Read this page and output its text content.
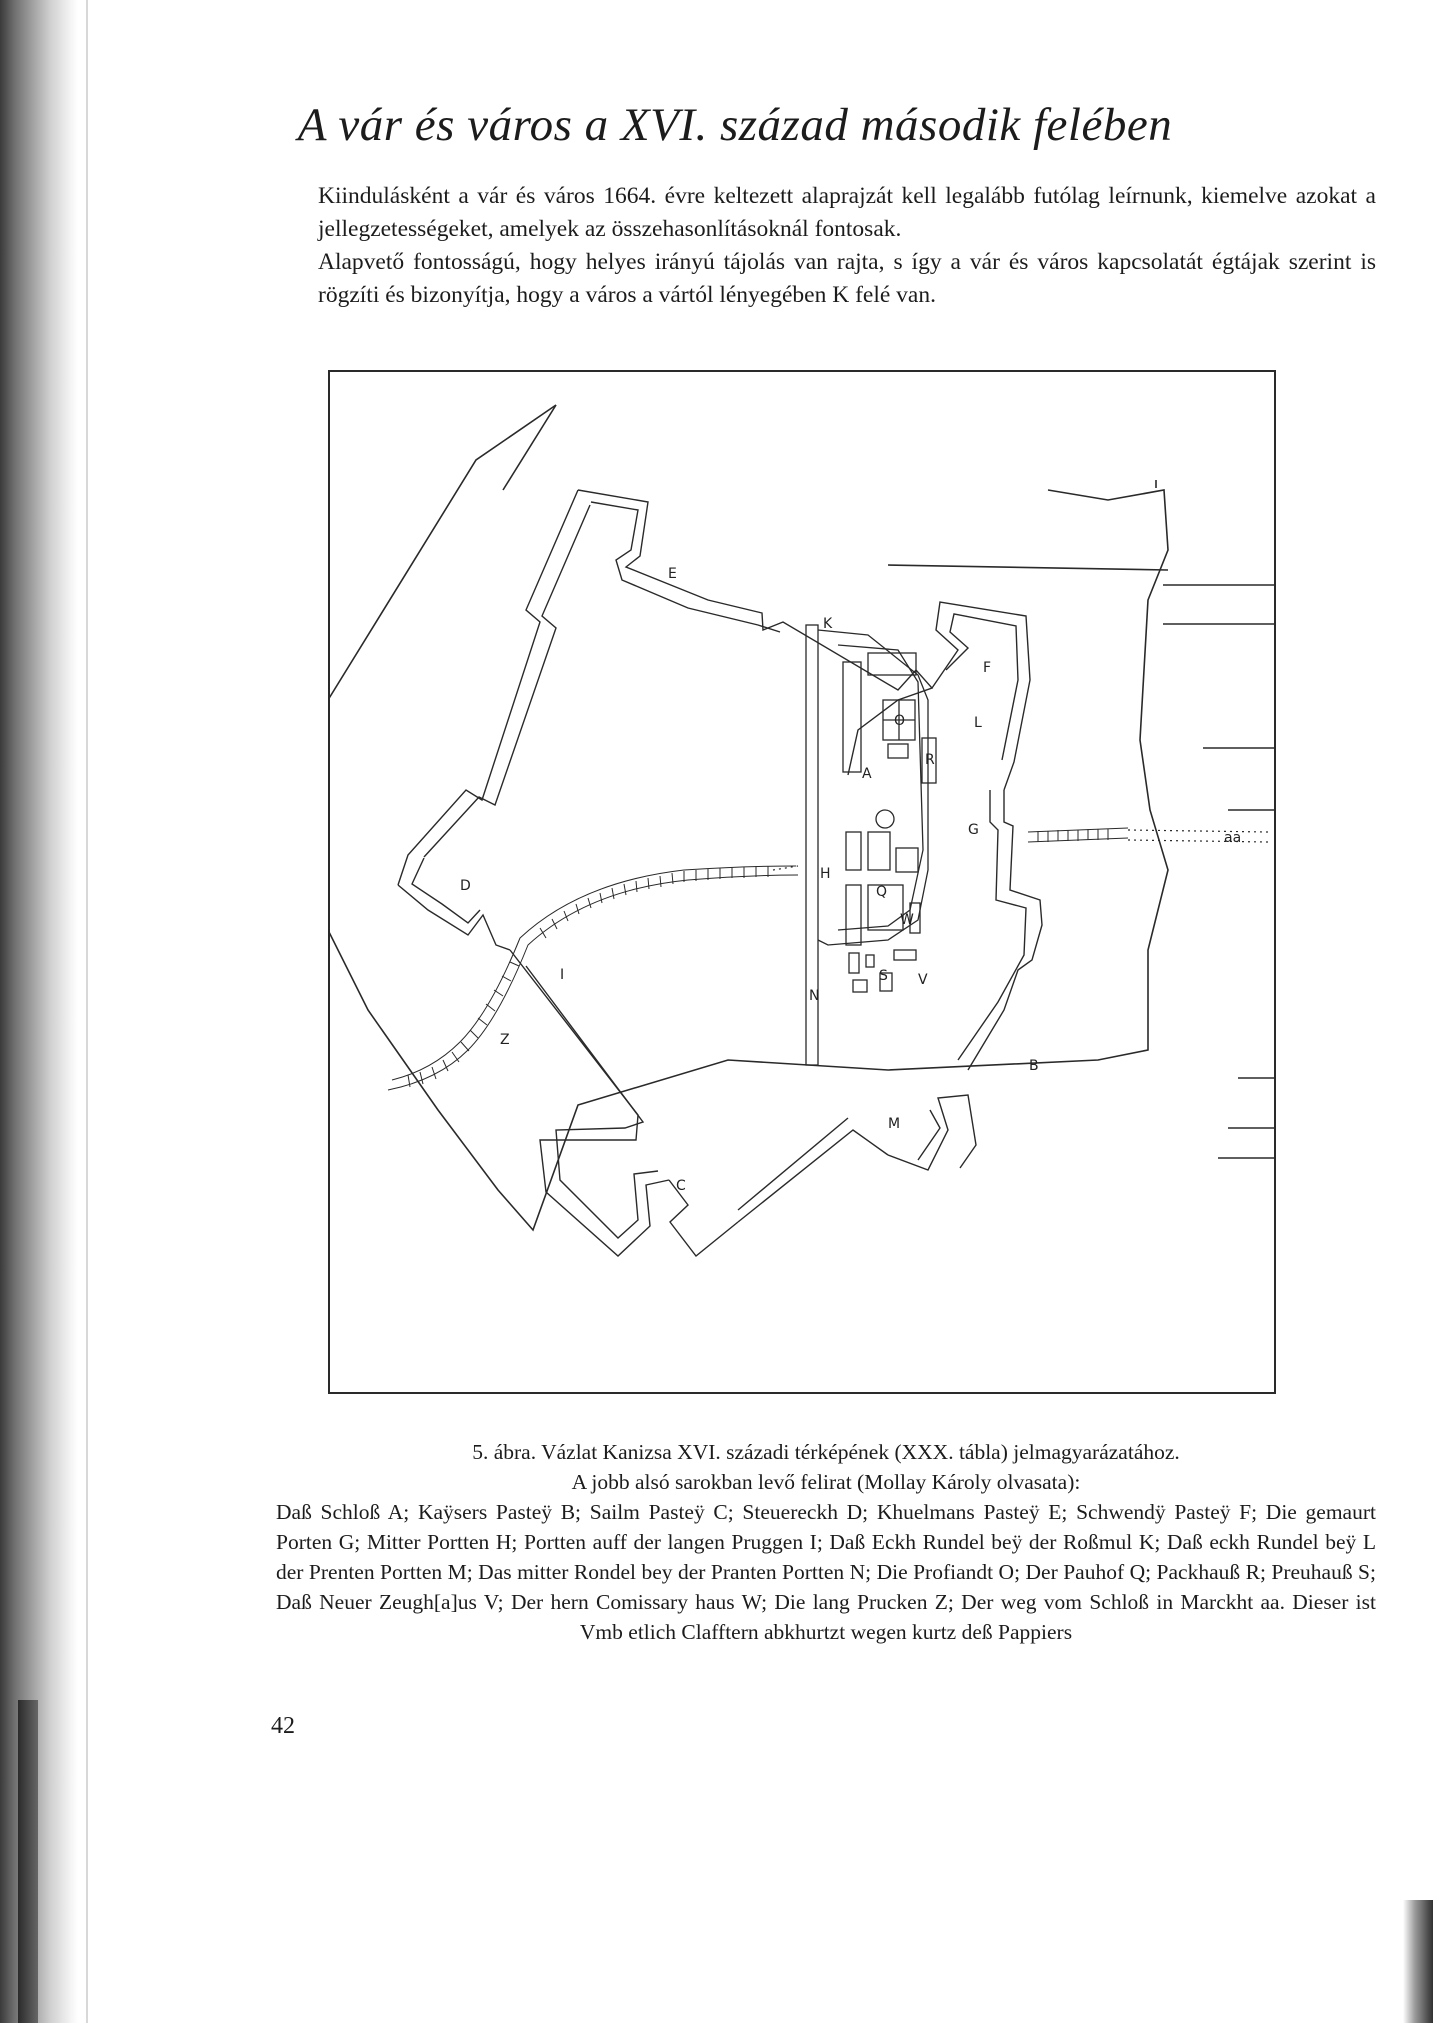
A vár és város a XVI. század második felében

Kiindulásként a vár és város 1664. évre keltezett alaprajzát kell legalább futólag leírnunk, kiemelve azokat a jellegzetességeket, amelyek az összehasonlításoknál fontosak.

Alapvető fontosságú, hogy helyes irányú tájolás van rajta, s így a vár és város kapcsolatát égtájak szerint is rögzíti és bizonyítja, hogy a város a vártól lényegében K felé van.

E
K
F
L
O
R
A
G	aa
D
H
Q
W
I	S V
N
Z
B
M
C
5. ábra. Vázlat Kanizsa XVI. századi térképének (XXX. tábla) jelmagyarázatához.
A jobb alsó sarokban levő felirat (Mollay Károly olvasata):
Daß Schloß A; Kaÿsers Pasteÿ B; Sailm Pasteÿ C; Steuereckh D; Khuelmans Pasteÿ E; Schwendÿ Pasteÿ F; Die gemaurt Porten G; Mitter Portten H; Portten auff der langen Pruggen I; Daß Eckh Rundel beÿ der Roßmul K; Daß eckh Rundel beÿ L der Prenten Portten M; Das mitter Rondel bey der Pranten Portten N; Die Profiandt O; Der Pauhof Q; Packhauß R; Preuhauß S; Daß Neuer Zeugh[a]us V; Der hern Comissary haus W; Die lang Prucken Z; Der weg vom Schloß in Marckht aa. Dieser ist Vmb etlich Clafftern abkhurtzt wegen kurtz deß Pappiers
42
